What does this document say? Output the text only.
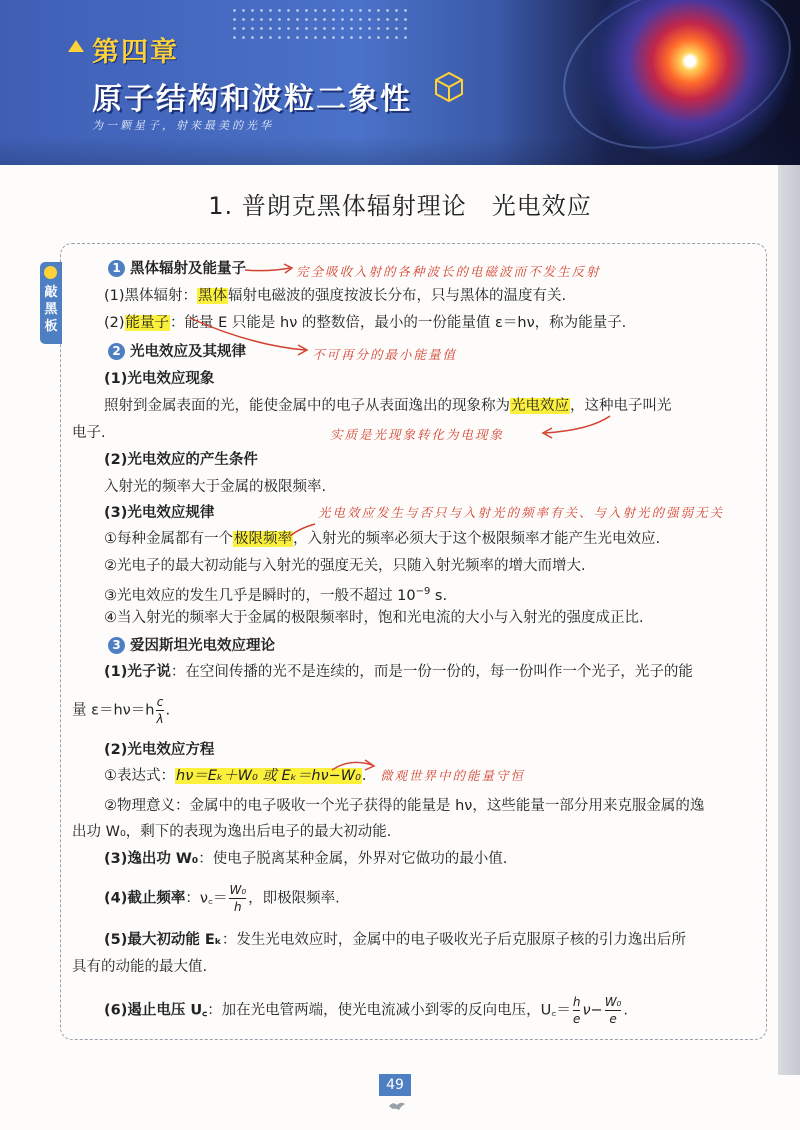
第四章
原子结构和波粒二象性
为一颗星子，射来最美的光华
1. 普朗克黑体辐射理论　光电效应
敲黑板
1 黑体辐射及能量子
(1)黑体辐射：黑体辐射电磁波的强度按波长分布，只与黑体的温度有关.
(2)能量子：能量 E 只能是 hν 的整数倍，最小的一份能量值 ε＝hν，称为能量子.
2 光电效应及其规律
(1)光电效应现象
照射到金属表面的光，能使金属中的电子从表面逸出的现象称为光电效应，这种电子叫光
电子.
(2)光电效应的产生条件
入射光的频率大于金属的极限频率.
(3)光电效应规律
①每种金属都有一个极限频率，入射光的频率必须大于这个极限频率才能产生光电效应.
②光电子的最大初动能与入射光的强度无关，只随入射光频率的增大而增大.
③光电效应的发生几乎是瞬时的，一般不超过 $10^{-9}$ s.
④当入射光的频率大于金属的极限频率时，饱和光电流的大小与入射光的强度成正比.
3 爱因斯坦光电效应理论
(1)光子说：在空间传播的光不是连续的，而是一份一份的，每一份叫作一个光子，光子的能
量 $\varepsilon=h\nu=h \frac{c}{\lambda}$ .
(2)光电效应方程
①表达式：hν＝Eₖ＋W₀ 或 Eₖ＝hν−W₀.
②物理意义：金属中的电子吸收一个光子获得的能量是 hν，这些能量一部分用来克服金属的逸
出功 W₀，剩下的表现为逸出后电子的最大初动能.
(3)逸出功 W₀：使电子脱离某种金属，外界对它做功的最小值.
(4)截止频率：ν꜀＝ $\frac{\text{W₀}}{h}$ ，即极限频率.
(5)最大初动能 Eₖ：发生光电效应时，金属中的电子吸收光子后克服原子核的引力逸出后所
具有的动能的最大值.
(6)遏止电压 U꜀：加在光电管两端，使光电流减小到零的反向电压，U꜀＝ $\frac{h}{e} \nu- \frac{\text{W₀}}{e}$ .
完全吸收入射的各种波长的电磁波而不发生反射
不可再分的最小能量值
实质是光现象转化为电现象
光电效应发生与否只与入射光的频率有关、与入射光的强弱无关
微观世界中的能量守恒
49
